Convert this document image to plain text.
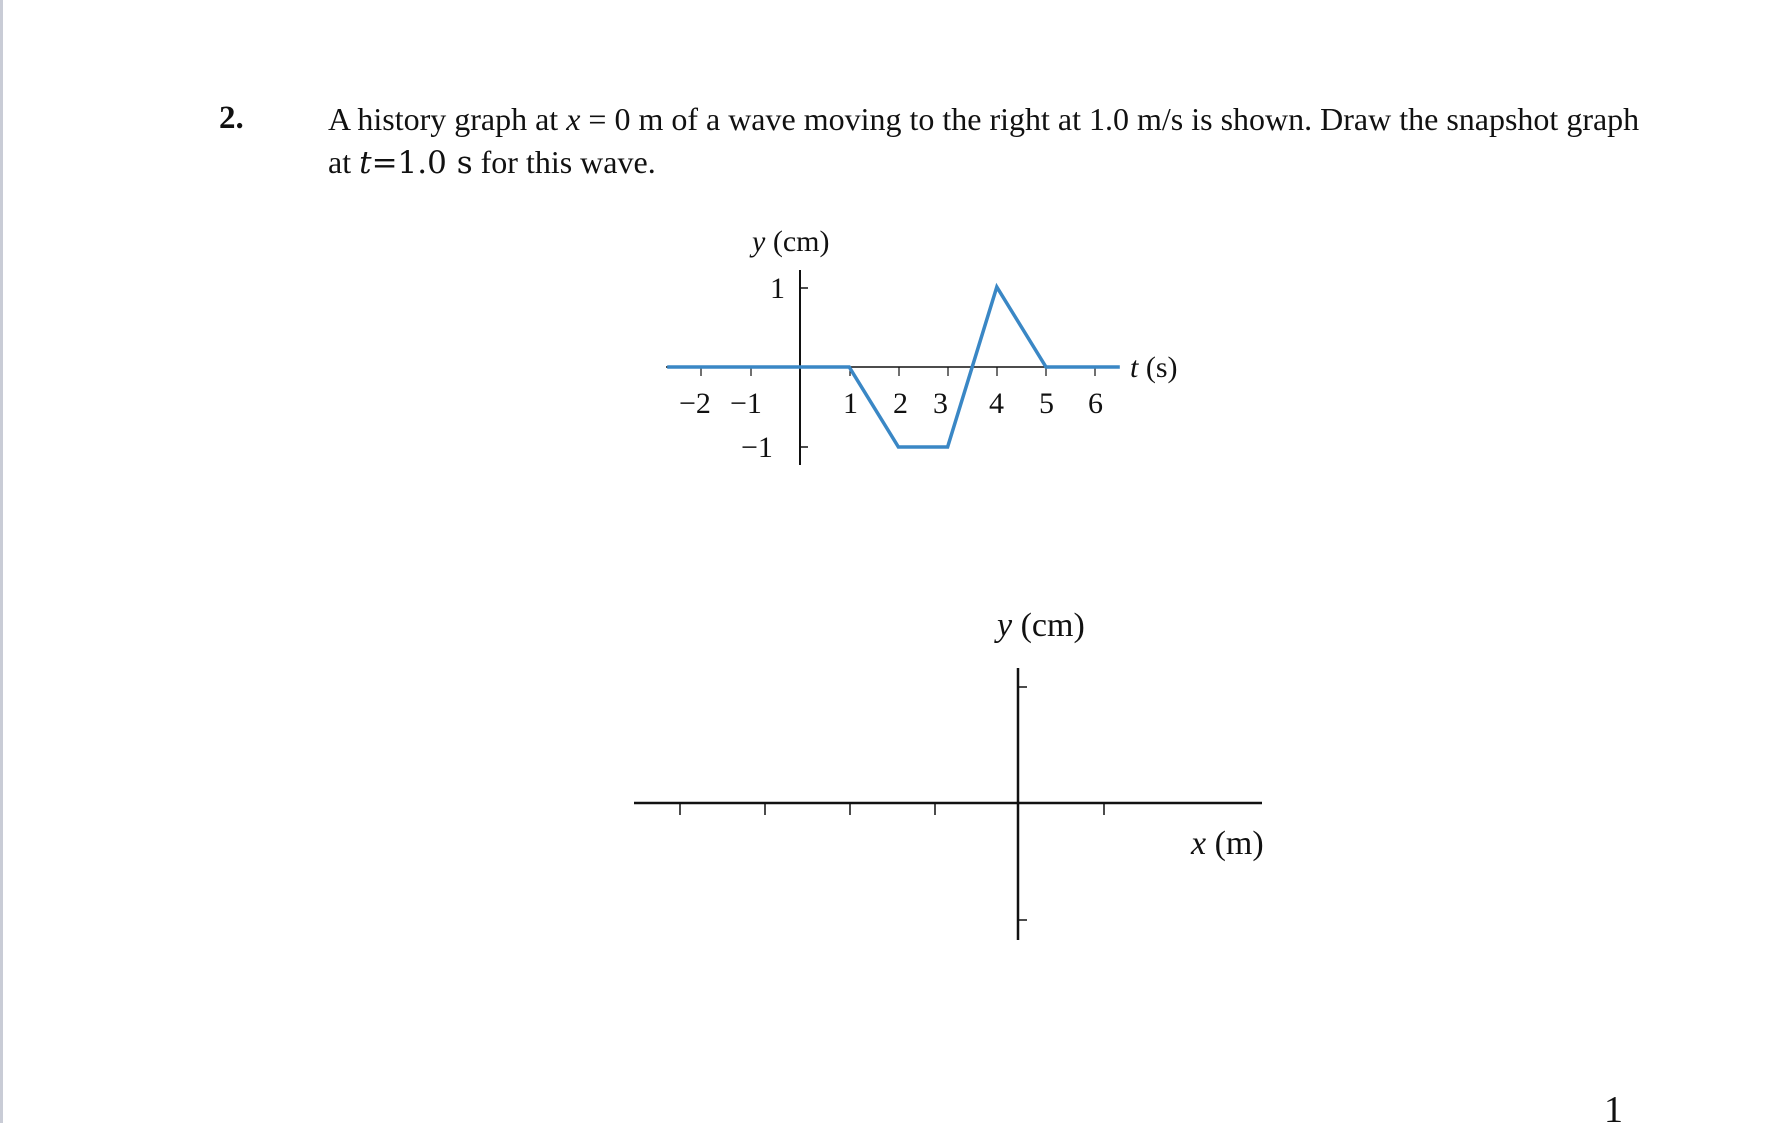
2.	A history graph at x = 0 m of a wave moving to the right at 1.0 m/s is shown. Draw the snapshot graph at t=1.0 s for this wave.
y (cm)
1
−1
−2 −1	1 2 3 4 5 6
t (s)
y (cm)
x (m)
1
